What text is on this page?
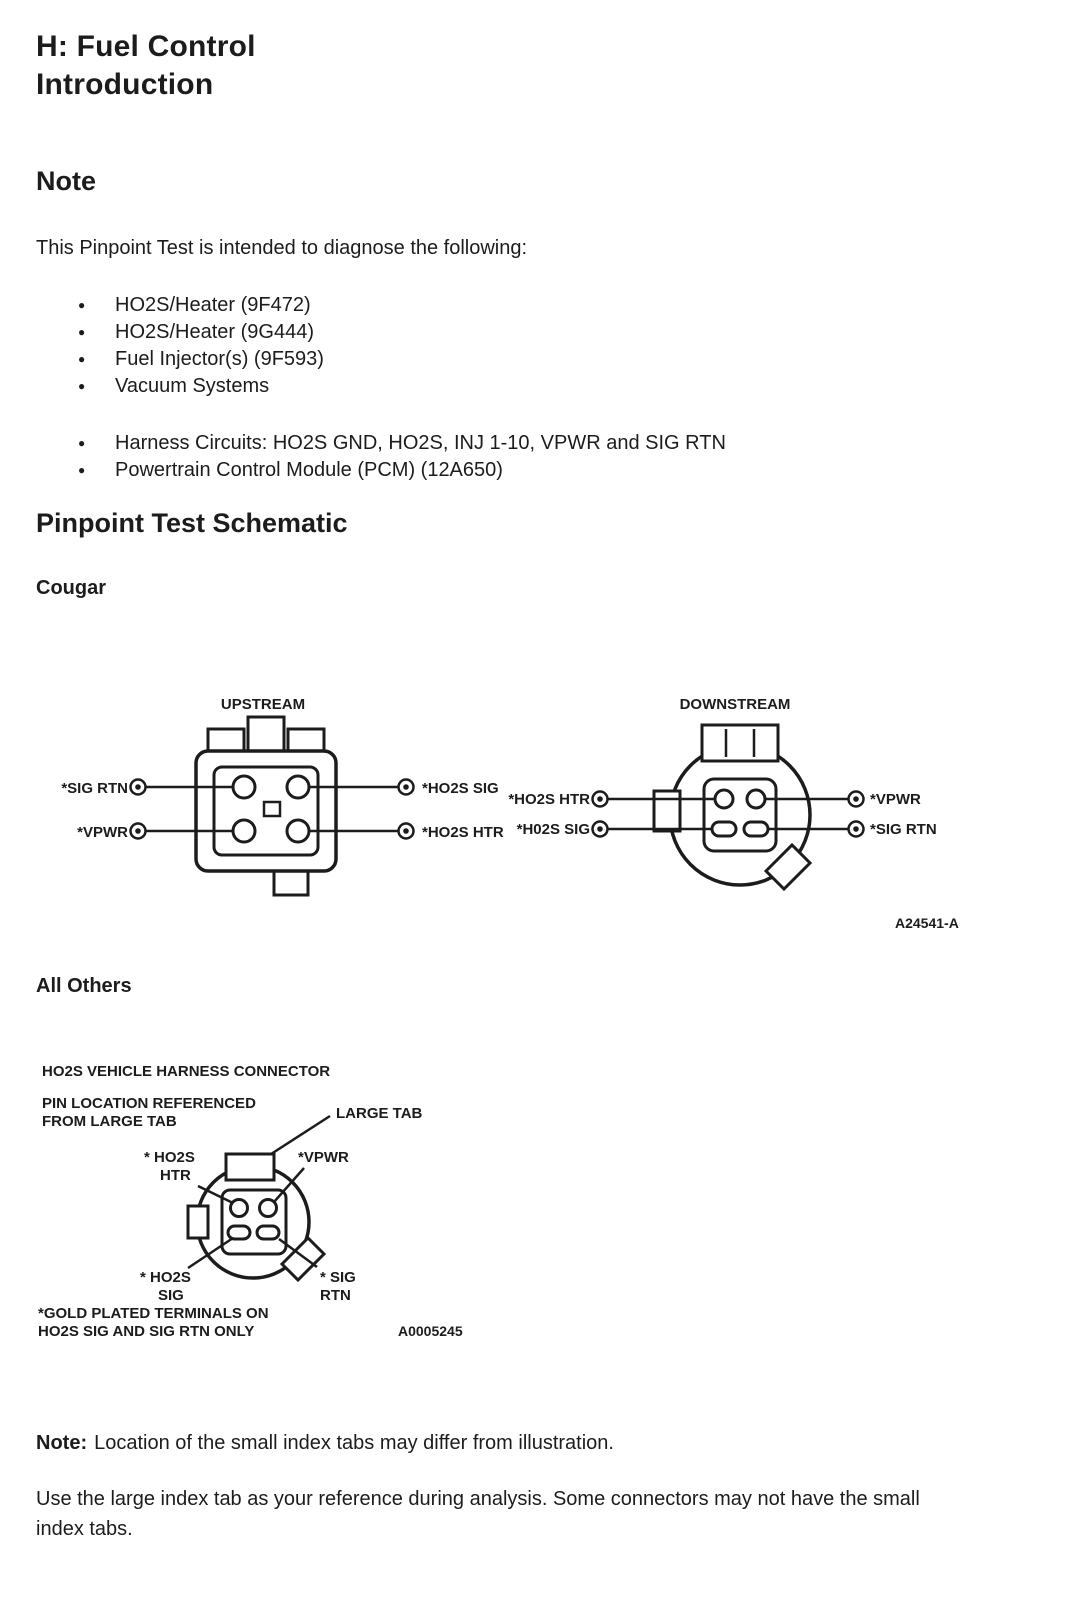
H: Fuel Control
Introduction
Note
This Pinpoint Test is intended to diagnose the following:
●	HO2S/Heater (9F472)
●	HO2S/Heater (9G444)
●	Fuel Injector(s) (9F593)
●	Vacuum Systems
●	Harness Circuits: HO2S GND, HO2S, INJ 1-10, VPWR and SIG RTN
●	Powertrain Control Module (PCM) (12A650)
Pinpoint Test Schematic
Cougar
UPSTREAM
*SIG RTN
*VPWR
*HO2S SIG
*HO2S HTR
DOWNSTREAM
*HO2S HTR
*H02S SIG
*VPWR
*SIG RTN
A24541-A
All Others
HO2S VEHICLE HARNESS CONNECTOR
PIN LOCATION REFERENCED
FROM LARGE TAB	LARGE TAB
* HO2S
HTR
*VPWR
* HO2S
SIG
* SIG
RTN
*GOLD PLATED TERMINALS ON
HO2S SIG AND SIG RTN ONLY	A0005245
Note: Location of the small index tabs may differ from illustration.
Use the large index tab as your reference during analysis. Some connectors may not have the small index tabs.
